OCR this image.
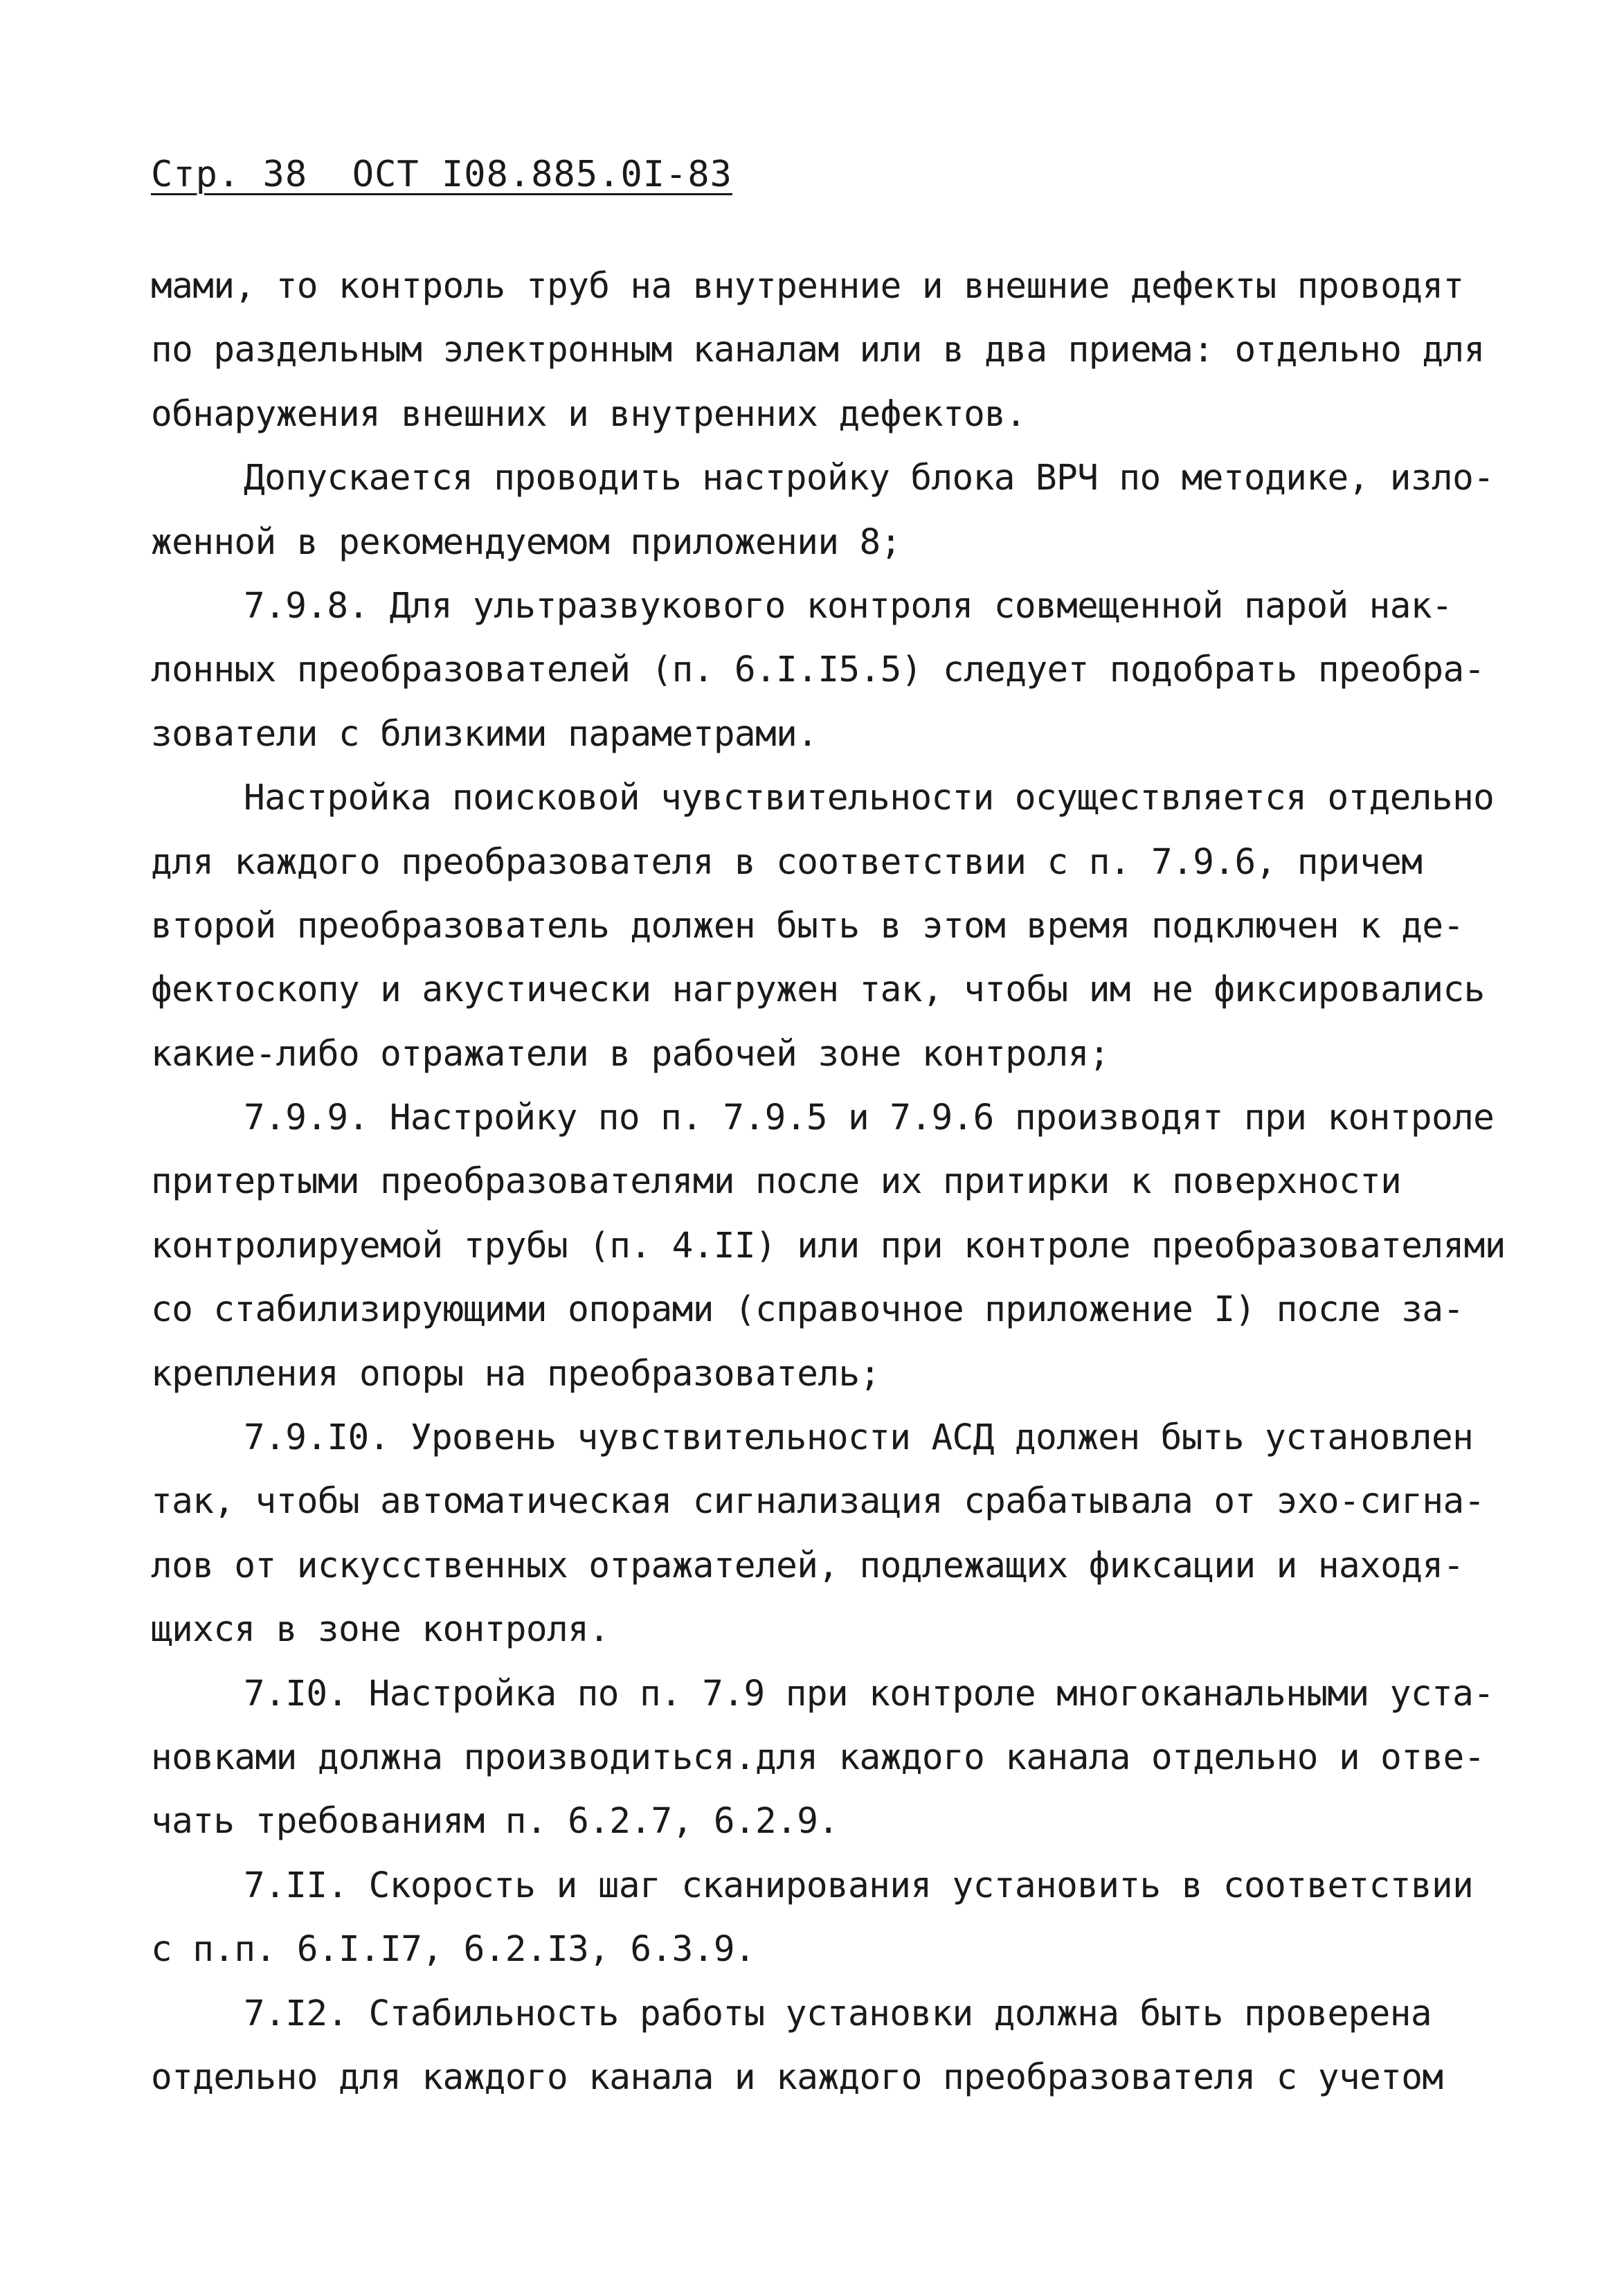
Стр. 38  ОСТ I08.885.0I-83
мами, то контроль труб на внутренние и внешние дефекты проводят
по раздельным электронным каналам или в два приема: отдельно для
обнаружения внешних и внутренних дефектов.
Допускается проводить настройку блока ВРЧ по методике, изло-
женной в рекомендуемом приложении 8;
7.9.8. Для ультразвукового контроля совмещенной парой нак-
лонных преобразователей (п. 6.I.I5.5) следует подобрать преобра-
зователи с близкими параметрами.
Настройка поисковой чувствительности осуществляется отдельно
для каждого преобразователя в соответствии с п. 7.9.6, причем
второй преобразователь должен быть в этом время подключен к де-
фектоскопу и акустически нагружен так, чтобы им не фиксировались
какие-либо отражатели в рабочей зоне контроля;
7.9.9. Настройку по п. 7.9.5 и 7.9.6 производят при контроле
притертыми преобразователями после их притирки к поверхности
контролируемой трубы (п. 4.II) или при контроле преобразователями
со стабилизирующими опорами (справочное приложение I) после за-
крепления опоры на преобразователь;
7.9.I0. Уровень чувствительности АСД должен быть установлен
так, чтобы автоматическая сигнализация срабатывала от эхо-сигна-
лов от искусственных отражателей, подлежащих фиксации и находя-
щихся в зоне контроля.
7.I0. Настройка по п. 7.9 при контроле многоканальными уста-
новками должна производиться.для каждого канала отдельно и отве-
чать требованиям п. 6.2.7, 6.2.9.
7.II. Скорость и шаг сканирования установить в соответствии
с п.п. 6.I.I7, 6.2.I3, 6.3.9.
7.I2. Стабильность работы установки должна быть проверена
отдельно для каждого канала и каждого преобразователя с учетом
